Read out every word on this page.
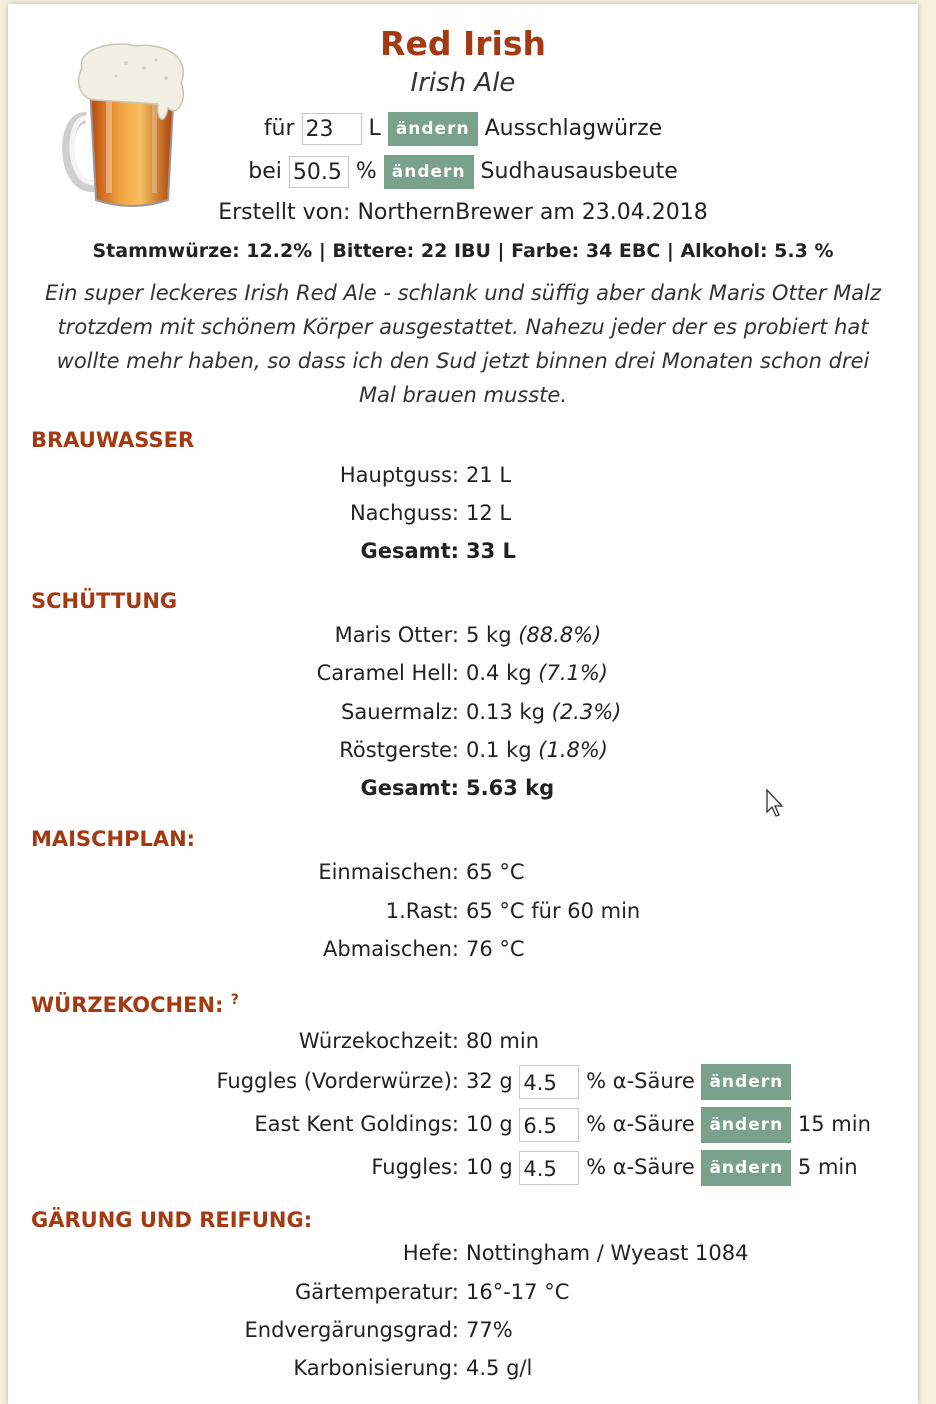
Red Irish
Irish Ale
für 23 L ändern Ausschlagwürze
bei 50.5 % ändern Sudhausausbeute
Erstellt von: NorthernBrewer am 23.04.2018
Stammwürze: 12.2% | Bittere: 22 IBU | Farbe: 34 EBC | Alkohol: 5.3 %
Ein super leckeres Irish Red Ale - schlank und süffig aber dank Maris Otter Malz trotzdem mit schönem Körper ausgestattet. Nahezu jeder der es probiert hat wollte mehr haben, so dass ich den Sud jetzt binnen drei Monaten schon drei Mal brauen musste.
BRAUWASSER
Hauptguss: 21 L
Nachguss: 12 L
Gesamt: 33 L
SCHÜTTUNG
Maris Otter: 5 kg (88.8%)
Caramel Hell: 0.4 kg (7.1%)
Sauermalz: 0.13 kg (2.3%)
Röstgerste: 0.1 kg (1.8%)
Gesamt: 5.63 kg
MAISCHPLAN:
Einmaischen: 65 °C
1.Rast: 65 °C für 60 min
Abmaischen: 76 °C
WÜRZEKOCHEN: ?
Würzekochzeit: 80 min
Fuggles (Vorderwürze): 32 g 4.5 % α-Säure ändern
East Kent Goldings: 10 g 6.5 % α-Säure ändern 15 min
Fuggles: 10 g 4.5 % α-Säure ändern 5 min
GÄRUNG UND REIFUNG:
Hefe: Nottingham / Wyeast 1084
Gärtemperatur: 16°-17 °C
Endvergärungsgrad: 77%
Karbonisierung: 4.5 g/l
